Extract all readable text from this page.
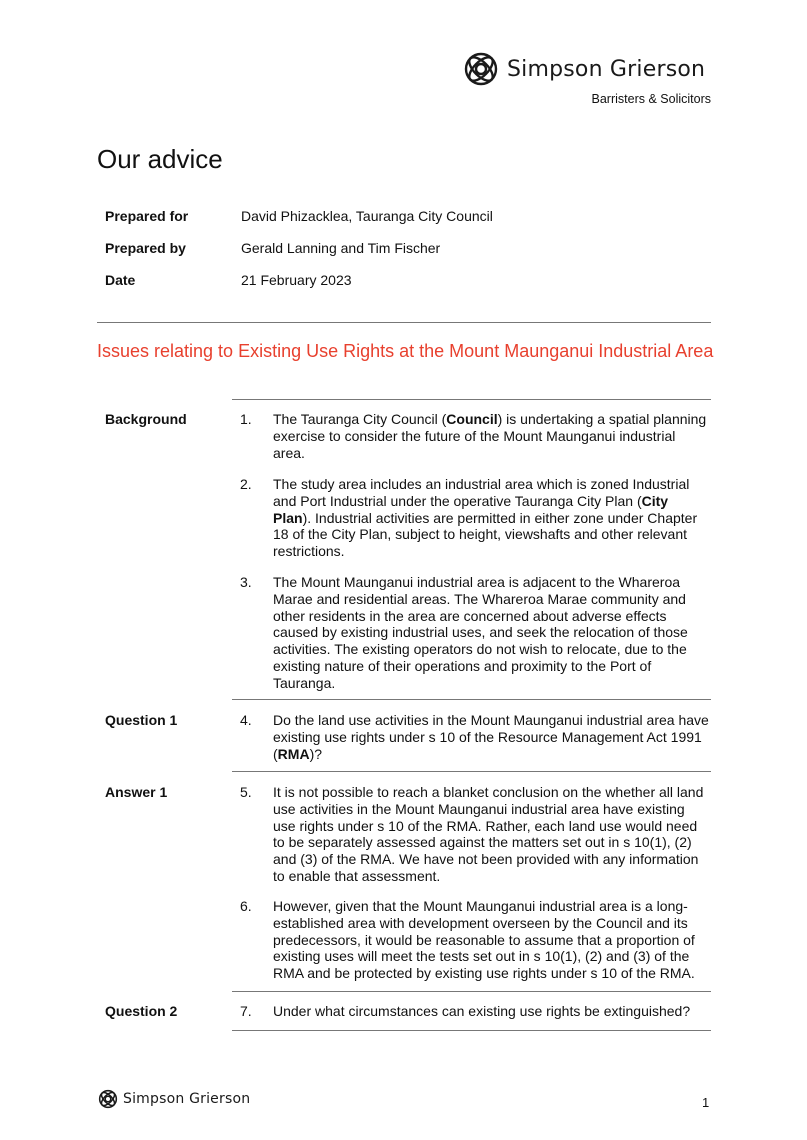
Simpson Grierson
Barristers & Solicitors
Our advice
Prepared for	David Phizacklea, Tauranga City Council
Prepared by	Gerald Lanning and Tim Fischer
Date	21 February 2023
Issues relating to Existing Use Rights at the Mount Maunganui Industrial Area
Background	1. The Tauranga City Council (Council) is undertaking a spatial planning exercise to consider the future of the Mount Maunganui industrial area.
2. The study area includes an industrial area which is zoned Industrial and Port Industrial under the operative Tauranga City Plan (City Plan). Industrial activities are permitted in either zone under Chapter 18 of the City Plan, subject to height, viewshafts and other relevant restrictions.
3. The Mount Maunganui industrial area is adjacent to the Whareroa Marae and residential areas. The Whareroa Marae community and other residents in the area are concerned about adverse effects caused by existing industrial uses, and seek the relocation of those activities. The existing operators do not wish to relocate, due to the existing nature of their operations and proximity to the Port of Tauranga.
Question 1	4. Do the land use activities in the Mount Maunganui industrial area have existing use rights under s 10 of the Resource Management Act 1991 (RMA)?
Answer 1	5. It is not possible to reach a blanket conclusion on the whether all land use activities in the Mount Maunganui industrial area have existing use rights under s 10 of the RMA. Rather, each land use would need to be separately assessed against the matters set out in s 10(1), (2) and (3) of the RMA. We have not been provided with any information to enable that assessment.
6. However, given that the Mount Maunganui industrial area is a long-established area with development overseen by the Council and its predecessors, it would be reasonable to assume that a proportion of existing uses will meet the tests set out in s 10(1), (2) and (3) of the RMA and be protected by existing use rights under s 10 of the RMA.
Question 2	7. Under what circumstances can existing use rights be extinguished?
Simpson Grierson	1
